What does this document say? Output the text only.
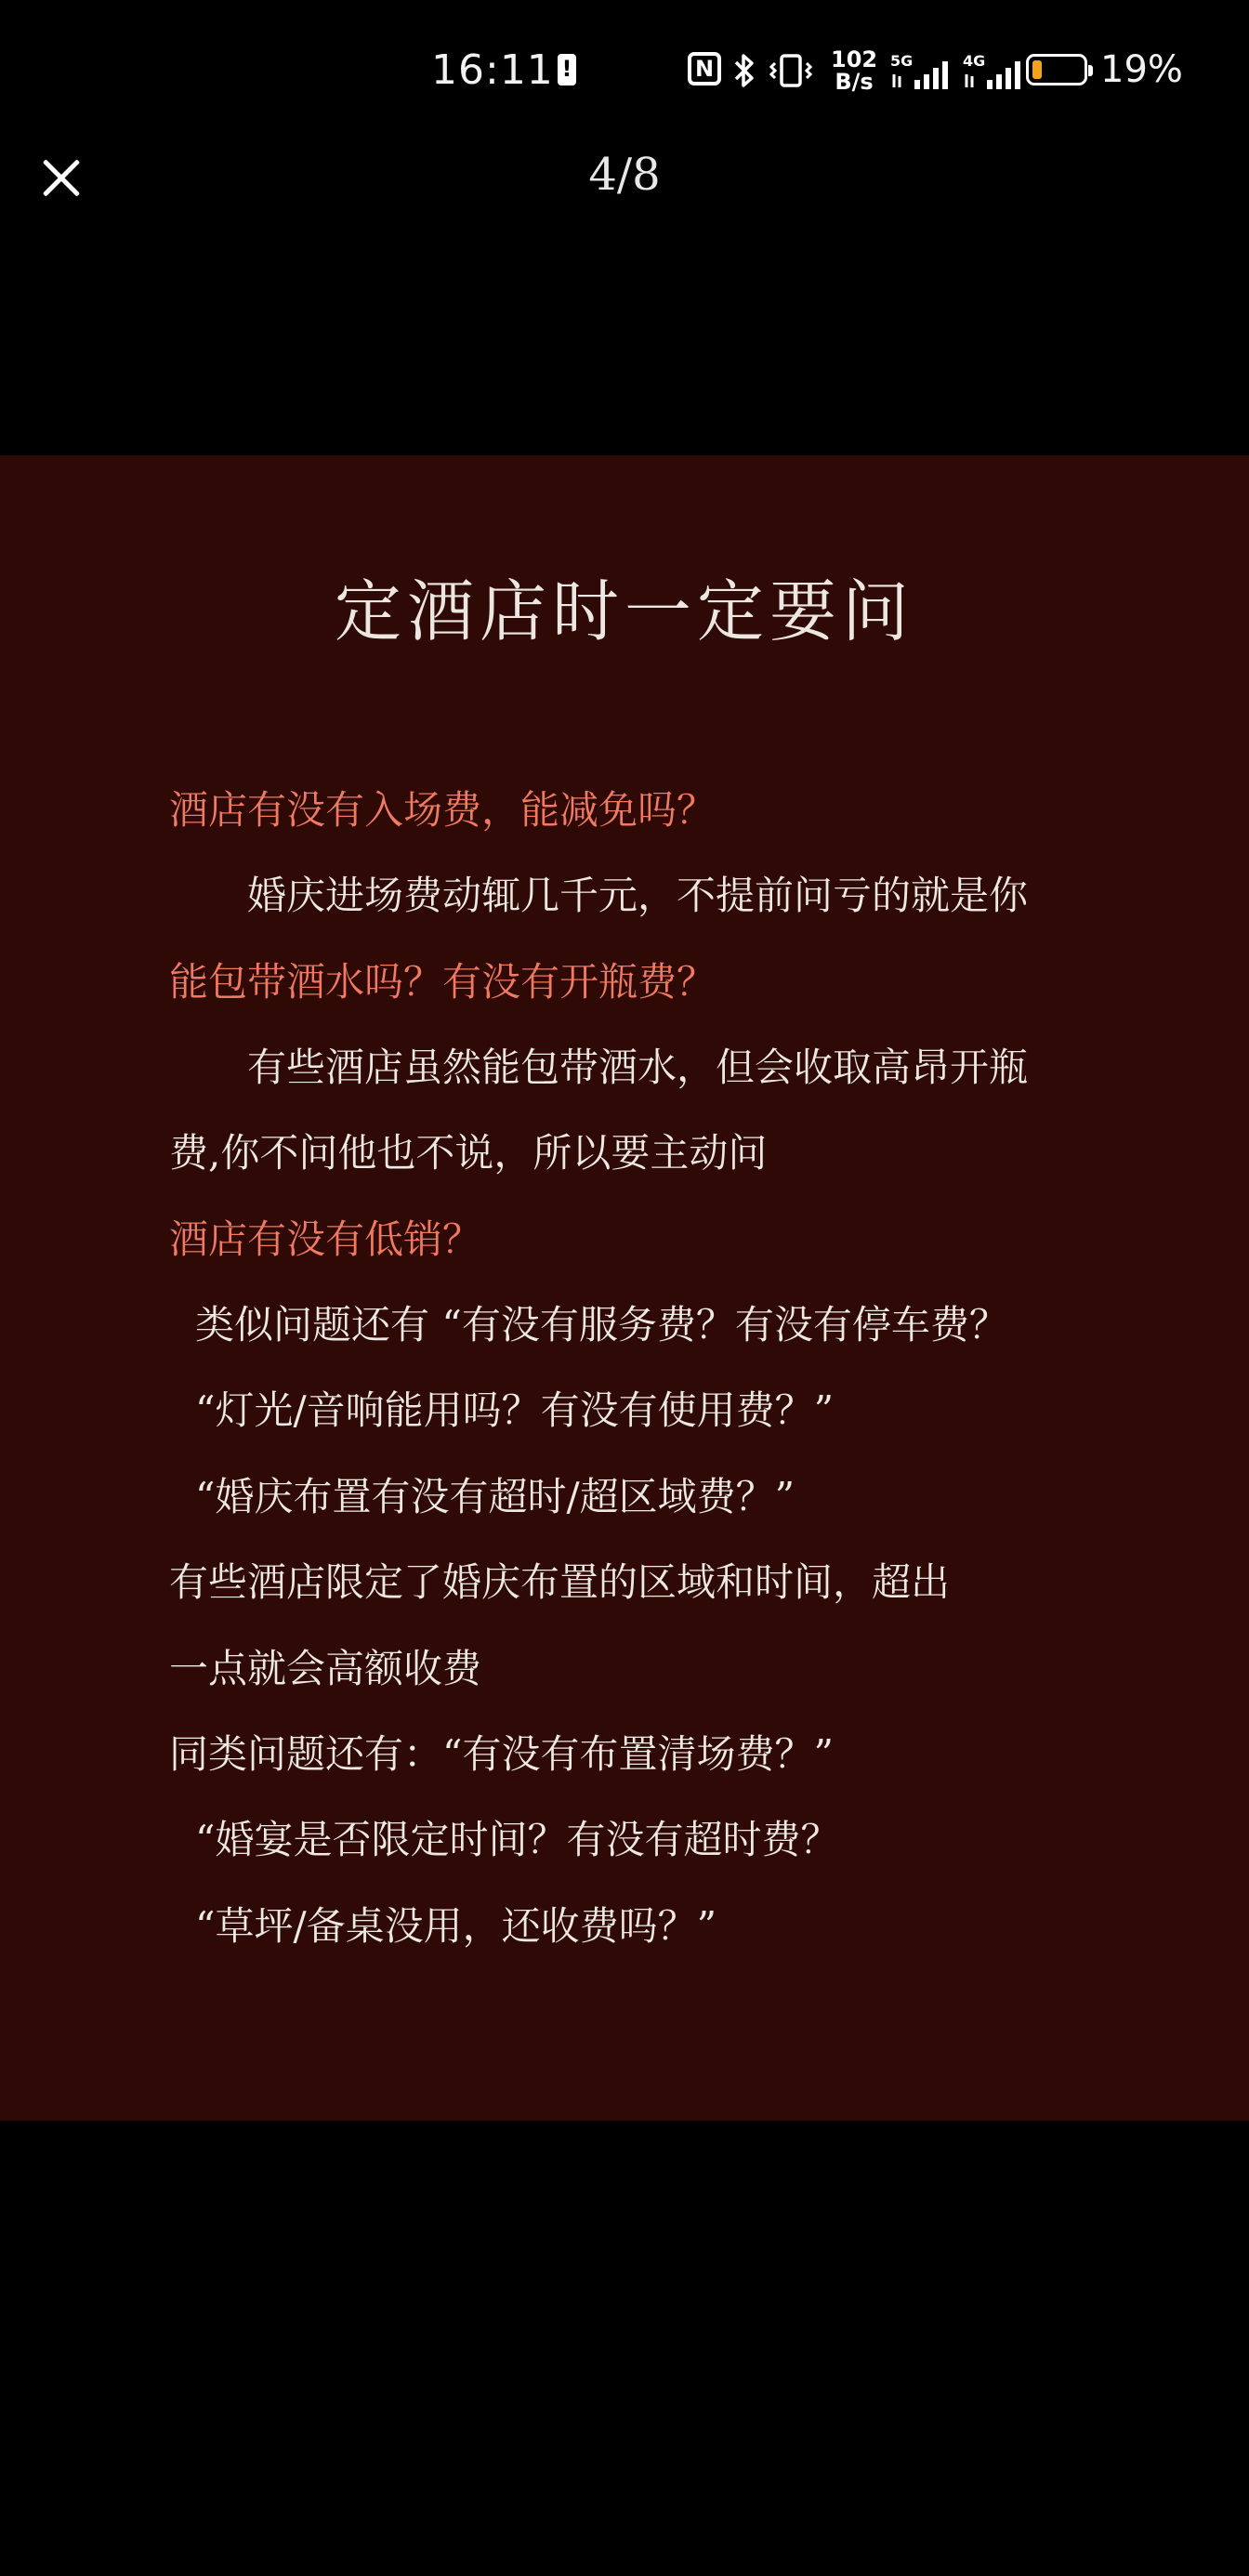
16:11
!	N	102
B/s
5G	4G	19%
4/8
定酒店时一定要问
酒店有没有入场费，能减免吗？
婚庆进场费动辄几千元，不提前问亏的就是你
能包带酒水吗？有没有开瓶费？
有些酒店虽然能包带酒水，但会收取高昂开瓶
费,你不问他也不说，所以要主动问
酒店有没有低销？
类似问题还有 “有没有服务费？有没有停车费？
“灯光/音响能用吗？有没有使用费？”
“婚庆布置有没有超时/超区域费？”
有些酒店限定了婚庆布置的区域和时间，超出
一点就会高额收费
同类问题还有：“有没有布置清场费？”
“婚宴是否限定时间？有没有超时费？
“草坪/备桌没用，还收费吗？”
